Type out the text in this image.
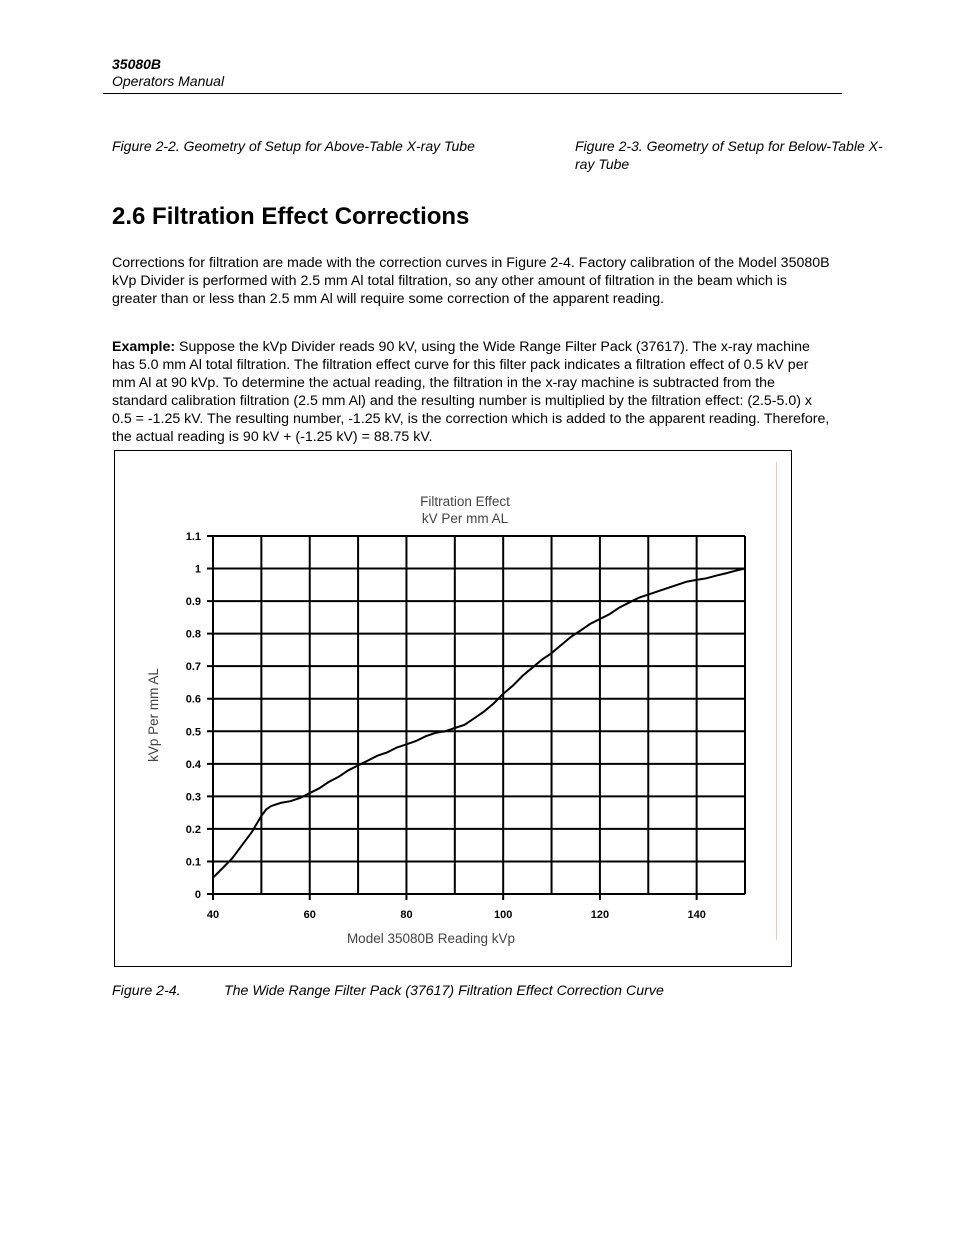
35080B
Operators Manual
Figure 2-2. Geometry of Setup for Above-Table X-ray Tube	Figure 2-3. Geometry of Setup for Below-Table X-ray Tube
2.6 Filtration Effect Corrections

Corrections for filtration are made with the correction curves in Figure 2-4. Factory calibration of the Model 35080B kVp Divider is performed with 2.5 mm Al total filtration, so any other amount of filtration in the beam which is greater than or less than 2.5 mm Al will require some correction of the apparent reading.

Example: Suppose the kVp Divider reads 90 kV, using the Wide Range Filter Pack (37617). The x-ray machine has 5.0 mm Al total filtration. The filtration effect curve for this filter pack indicates a filtration effect of 0.5 kV per mm Al at 90 kVp. To determine the actual reading, the filtration in the x-ray machine is subtracted from the standard calibration filtration (2.5 mm Al) and the resulting number is multiplied by the filtration effect: (2.5-5.0) x 0.5 = -1.25 kV. The resulting number, -1.25 kV, is the correction which is added to the apparent reading. Therefore, the actual reading is 90 kV + (-1.25 kV) = 88.75 kV.

Filtration Effect
kV Per mm AL
0
0.1
0.2
0.3
0.4
0.5
0.6
0.7
0.8
0.9
1
1.1
40	60	80	100	120	140
Model 35080B Reading kVp
kVp Per mm AL
Figure 2-4.	The Wide Range Filter Pack (37617) Filtration Effect Correction Curve
